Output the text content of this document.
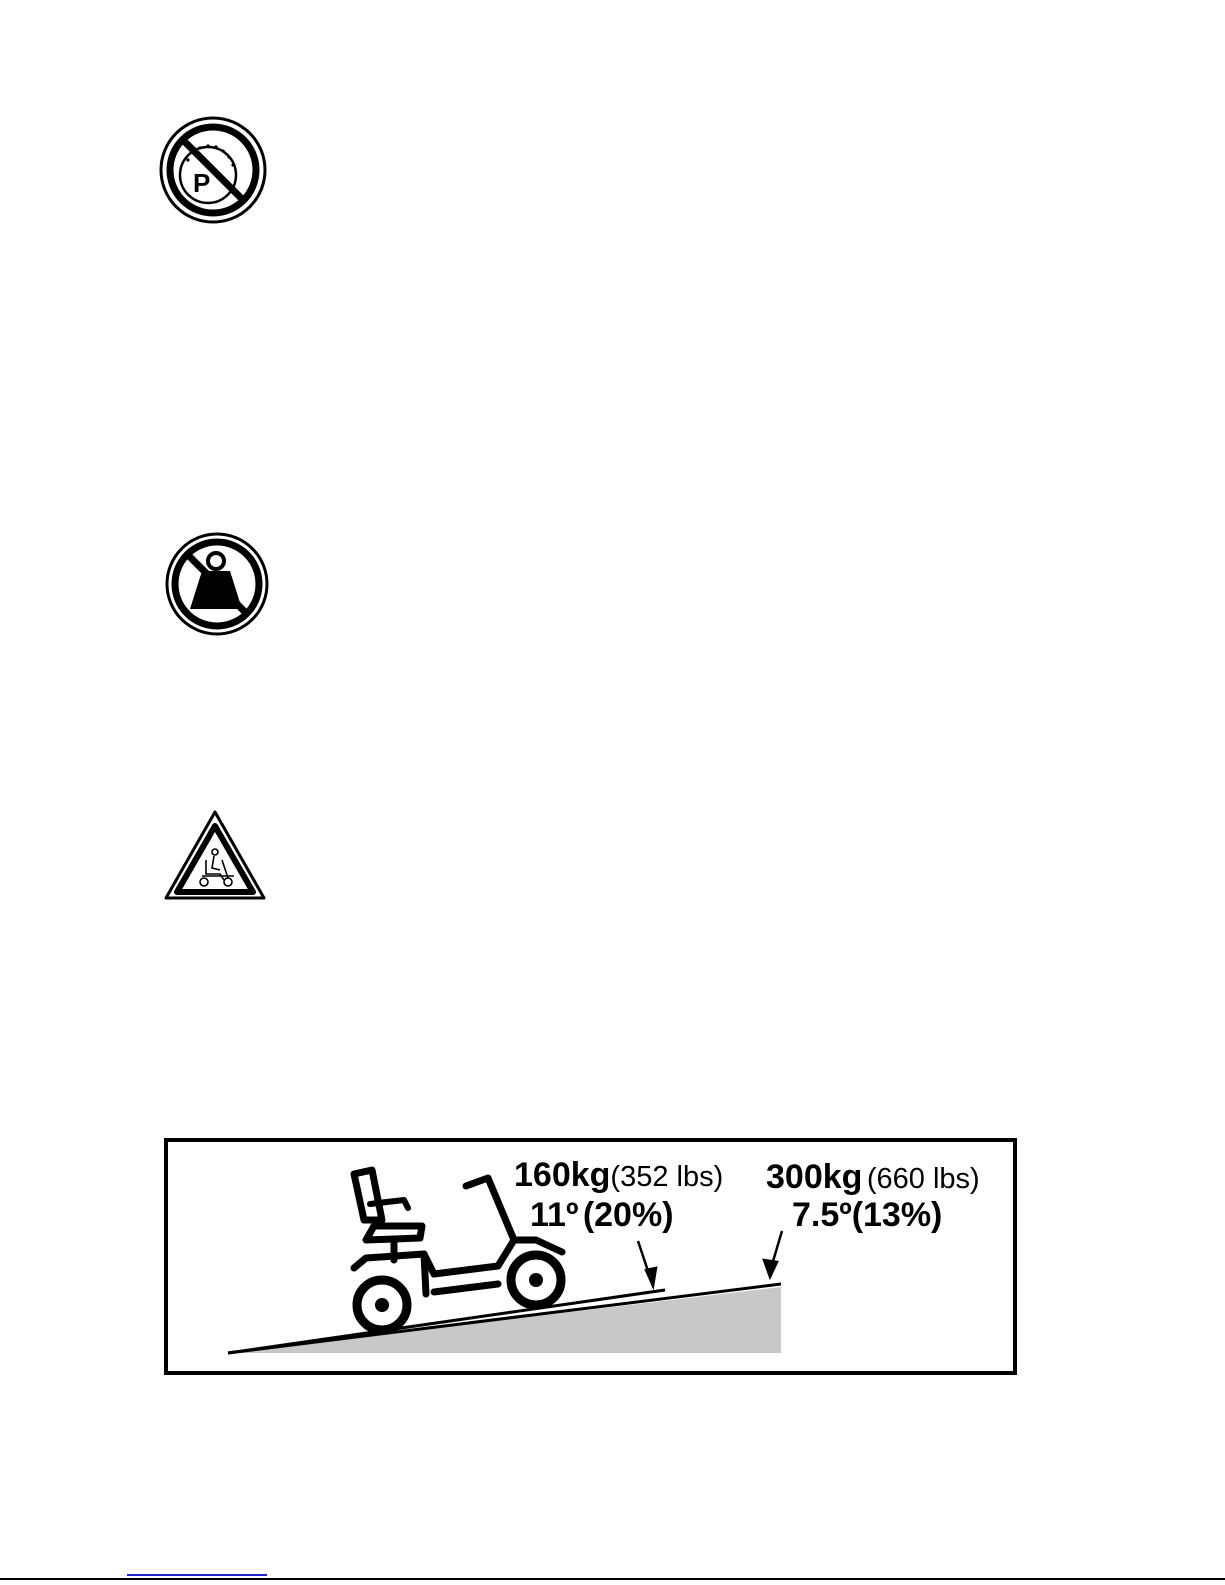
P
160kg(352 lbs)
11º (20%)
300kg (660 lbs)
7.5º(13%)
